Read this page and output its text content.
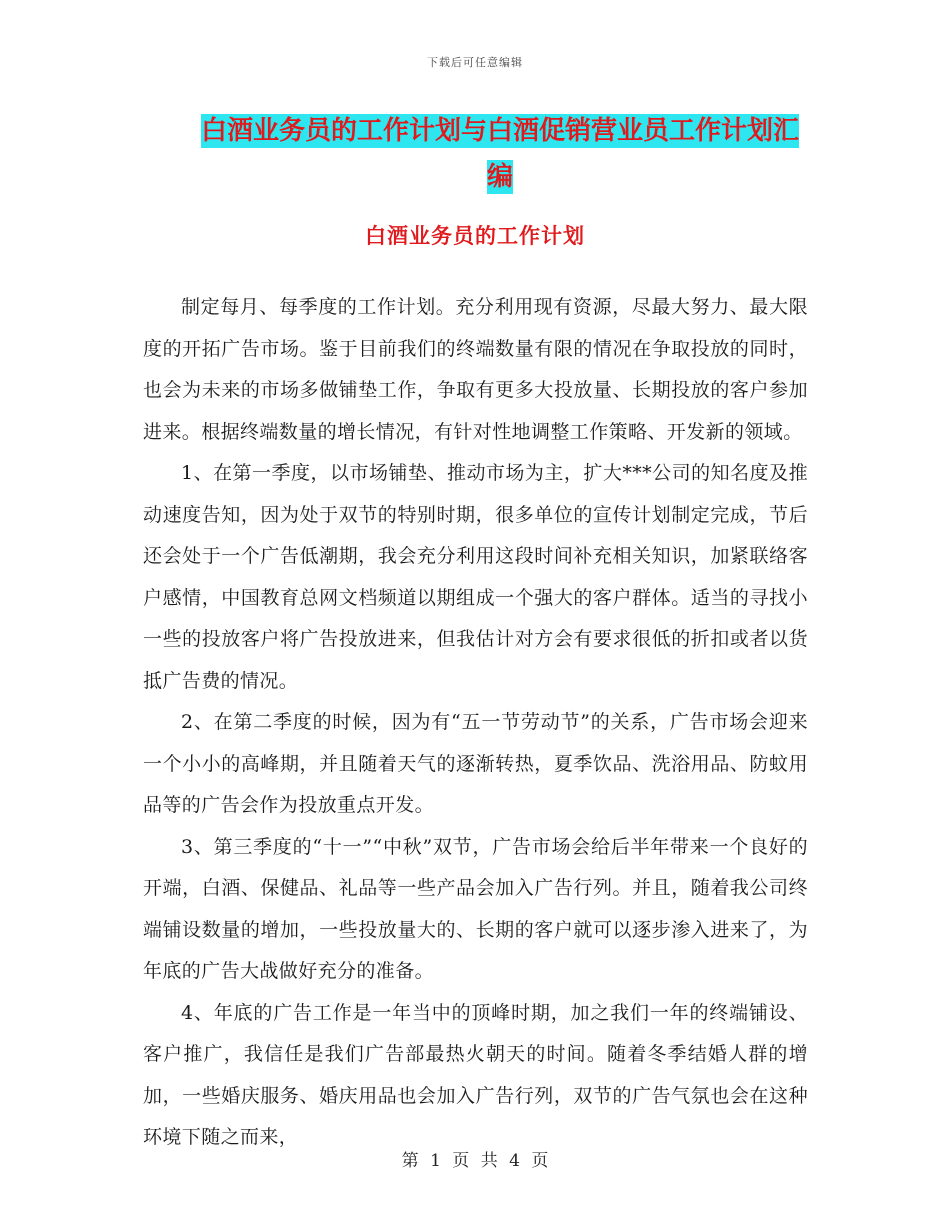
下载后可任意编辑
白酒业务员的工作计划与白酒促销营业员工作计划汇编
白酒业务员的工作计划

制定每月、每季度的工作计划。充分利用现有资源，尽最大努力、最大限度的开拓广告市场。鉴于目前我们的终端数量有限的情况在争取投放的同时，也会为未来的市场多做铺垫工作，争取有更多大投放量、长期投放的客户参加进来。根据终端数量的增长情况，有针对性地调整工作策略、开发新的领域。

1、在第一季度，以市场铺垫、推动市场为主，扩大***公司的知名度及推动速度告知，因为处于双节的特别时期，很多单位的宣传计划制定完成，节后还会处于一个广告低潮期，我会充分利用这段时间补充相关知识，加紧联络客户感情，中国教育总网文档频道以期组成一个强大的客户群体。适当的寻找小一些的投放客户将广告投放进来，但我估计对方会有要求很低的折扣或者以货抵广告费的情况。

2、在第二季度的时候，因为有“五一节劳动节”的关系，广告市场会迎来一个小小的高峰期，并且随着天气的逐渐转热，夏季饮品、洗浴用品、防蚊用品等的广告会作为投放重点开发。

3、第三季度的“十一”“中秋”双节，广告市场会给后半年带来一个良好的开端，白酒、保健品、礼品等一些产品会加入广告行列。并且，随着我公司终端铺设数量的增加，一些投放量大的、长期的客户就可以逐步渗入进来了，为年底的广告大战做好充分的准备。

4、年底的广告工作是一年当中的顶峰时期，加之我们一年的终端铺设、客户推广，我信任是我们广告部最热火朝天的时间。随着冬季结婚人群的增加，一些婚庆服务、婚庆用品也会加入广告行列，双节的广告气氛也会在这种环境下随之而来，

第 1 页 共 4 页
